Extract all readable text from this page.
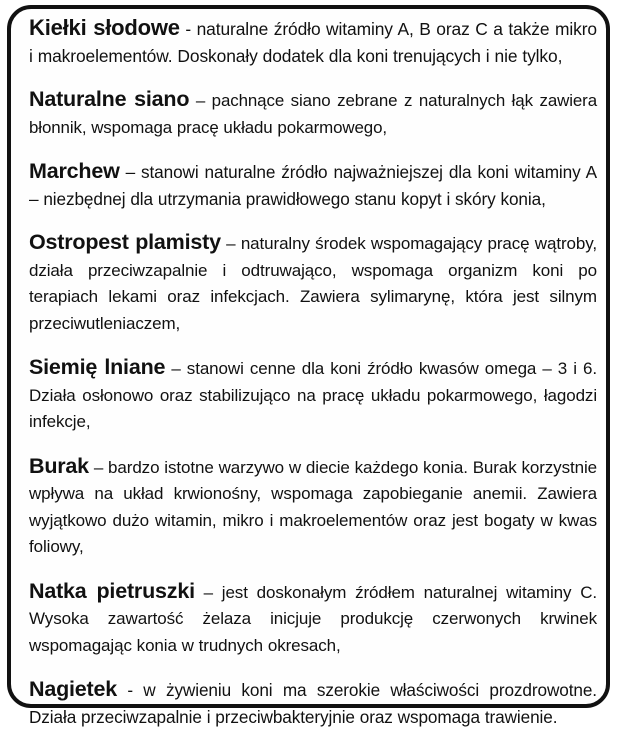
Kiełki słodowe - naturalne źródło witaminy A, B oraz C a także mikro i makroelementów. Doskonały dodatek dla koni trenujących i nie tylko,

Naturalne siano – pachnące siano zebrane z naturalnych łąk zawiera błonnik, wspomaga pracę układu pokarmowego,

Marchew – stanowi naturalne źródło najważniejszej dla koni witaminy A – niezbędnej dla utrzymania prawidłowego stanu kopyt i skóry konia,

Ostropest plamisty – naturalny środek wspomagający pracę wątroby, działa przeciwzapalnie i odtruwająco, wspomaga organizm koni po terapiach lekami oraz infekcjach. Zawiera sylimarynę, która jest silnym przeciwutleniaczem,

Siemię lniane – stanowi cenne dla koni źródło kwasów omega – 3 i 6. Działa osłonowo oraz stabilizująco na pracę układu pokarmowego, łagodzi infekcje,

Burak – bardzo istotne warzywo w diecie każdego konia. Burak korzystnie wpływa na układ krwionośny, wspomaga zapobieganie anemii. Zawiera wyjątkowo dużo witamin, mikro i makroelementów oraz jest bogaty w kwas foliowy,

Natka pietruszki – jest doskonałym źródłem naturalnej witaminy C. Wysoka zawartość żelaza inicjuje produkcję czerwonych krwinek wspomagając konia w trudnych okresach,

Nagietek - w żywieniu koni ma szerokie właściwości prozdrowotne. Działa przeciwzapalnie i przeciwbakteryjnie oraz wspomaga trawienie.
